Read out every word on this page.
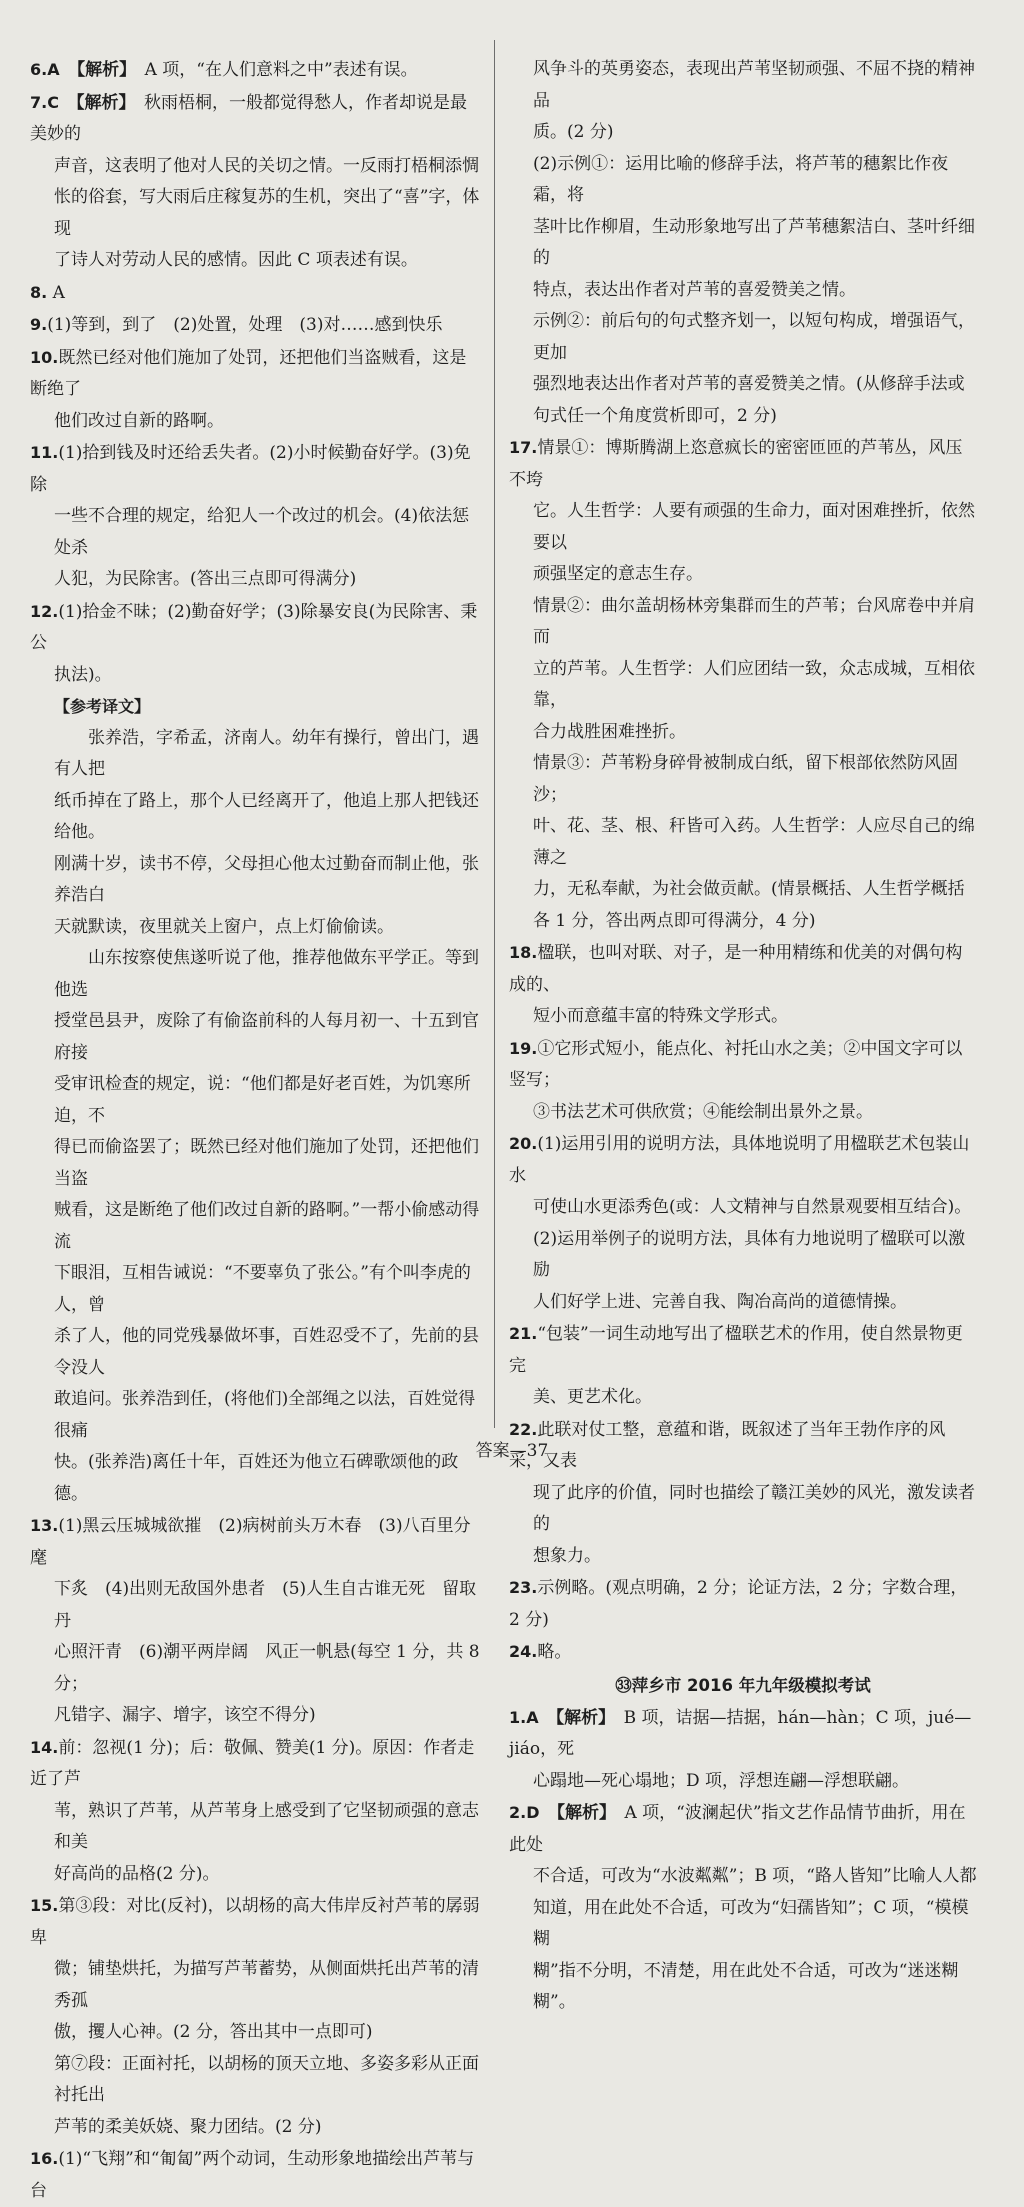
6.A　 【解析】　 A 项，“在人们意料之中”表述有误。

7.C　 【解析】　 秋雨梧桐，一般都觉得愁人，作者却说是最美妙的

声音，这表明了他对人民的关切之情。一反雨打梧桐添惆

怅的俗套，写大雨后庄稼复苏的生机，突出了“喜”字，体现

了诗人对劳动人民的感情。因此 C 项表述有误。

8. A

9.(1)等到，到了　(2)处置，处理　(3)对……感到快乐

10.既然已经对他们施加了处罚，还把他们当盗贼看，这是断绝了

他们改过自新的路啊。

11.(1)拾到钱及时还给丢失者。(2)小时候勤奋好学。(3)免除

一些不合理的规定，给犯人一个改过的机会。(4)依法惩处杀

人犯，为民除害。(答出三点即可得满分)

12.(1)拾金不昧；(2)勤奋好学；(3)除暴安良(为民除害、秉公

执法)。

【参考译文】

张养浩，字希孟，济南人。幼年有操行，曾出门，遇有人把

纸币掉在了路上，那个人已经离开了，他追上那人把钱还给他。

刚满十岁，读书不停，父母担心他太过勤奋而制止他，张养浩白

天就默读，夜里就关上窗户，点上灯偷偷读。

山东按察使焦遂听说了他，推荐他做东平学正。等到他选

授堂邑县尹，废除了有偷盗前科的人每月初一、十五到官府接

受审讯检查的规定，说：“他们都是好老百姓，为饥寒所迫，不

得已而偷盗罢了；既然已经对他们施加了处罚，还把他们当盗

贼看，这是断绝了他们改过自新的路啊。”一帮小偷感动得流

下眼泪，互相告诫说：“不要辜负了张公。”有个叫李虎的人，曾

杀了人，他的同党残暴做坏事，百姓忍受不了，先前的县令没人

敢追问。张养浩到任，(将他们)全部绳之以法，百姓觉得很痛

快。(张养浩)离任十年，百姓还为他立石碑歌颂他的政德。

13.(1)黑云压城城欲摧　(2)病树前头万木春　(3)八百里分麾

下炙　(4)出则无敌国外患者　(5)人生自古谁无死　留取丹

心照汗青　(6)潮平两岸阔　风正一帆悬(每空 1 分，共 8 分；

凡错字、漏字、增字，该空不得分)

14.前：忽视(1 分)；后：敬佩、赞美(1 分)。原因：作者走近了芦

苇，熟识了芦苇，从芦苇身上感受到了它坚韧顽强的意志和美

好高尚的品格(2 分)。

15.第③段：对比(反衬)，以胡杨的高大伟岸反衬芦苇的孱弱卑

微；铺垫烘托，为描写芦苇蓄势，从侧面烘托出芦苇的清秀孤

傲，攫人心神。(2 分，答出其中一点即可)

第⑦段：正面衬托，以胡杨的顶天立地、多姿多彩从正面衬托出

芦苇的柔美妖娆、聚力团结。(2 分)

16.(1)“飞翔”和“匍匐”两个动词，生动形象地描绘出芦苇与台

风争斗的英勇姿态，表现出芦苇坚韧顽强、不屈不挠的精神品

质。(2 分)

(2)示例①：运用比喻的修辞手法，将芦苇的穗絮比作夜霜，将

茎叶比作柳眉，生动形象地写出了芦苇穗絮洁白、茎叶纤细的

特点，表达出作者对芦苇的喜爱赞美之情。

示例②：前后句的句式整齐划一，以短句构成，增强语气，更加

强烈地表达出作者对芦苇的喜爱赞美之情。(从修辞手法或

句式任一个角度赏析即可，2 分)

17.情景①：博斯腾湖上恣意疯长的密密匝匝的芦苇丛，风压不垮

它。人生哲学：人要有顽强的生命力，面对困难挫折，依然要以

顽强坚定的意志生存。

情景②：曲尔盖胡杨林旁集群而生的芦苇；台风席卷中并肩而

立的芦苇。人生哲学：人们应团结一致，众志成城，互相依靠，

合力战胜困难挫折。

情景③：芦苇粉身碎骨被制成白纸，留下根部依然防风固沙；

叶、花、茎、根、秆皆可入药。人生哲学：人应尽自己的绵薄之

力，无私奉献，为社会做贡献。(情景概括、人生哲学概括

各 1 分，答出两点即可得满分，4 分)

18.楹联，也叫对联、对子，是一种用精练和优美的对偶句构成的、

短小而意蕴丰富的特殊文学形式。

19.①它形式短小，能点化、衬托山水之美；②中国文字可以竖写；

③书法艺术可供欣赏；④能绘制出景外之景。

20.(1)运用引用的说明方法，具体地说明了用楹联艺术包装山水

可使山水更添秀色(或：人文精神与自然景观要相互结合)。

(2)运用举例子的说明方法，具体有力地说明了楹联可以激励

人们好学上进、完善自我、陶冶高尚的道德情操。

21.“包装”一词生动地写出了楹联艺术的作用，使自然景物更完

美、更艺术化。

22.此联对仗工整，意蕴和谐，既叙述了当年王勃作序的风采，又表

现了此序的价值，同时也描绘了赣江美妙的风光，激发读者的

想象力。

23.示例略。(观点明确，2 分；论证方法，2 分；字数合理，2 分)

24.略。

㉝萍乡市 2016 年九年级模拟考试

1.A　 【解析】　 B 项，诘据—拮据，hán—hàn；C 项，jué—jiáo，死

心蹋地—死心塌地；D 项，浮想连翩—浮想联翩。

2.D　 【解析】　 A 项，“波澜起伏”指文艺作品情节曲折，用在此处

不合适，可改为“水波粼粼”；B 项，“路人皆知”比喻人人都

知道，用在此处不合适，可改为“妇孺皆知”；C 项，“模模糊

糊”指不分明，不清楚，用在此处不合适，可改为“迷迷糊

糊”。

答案—37
